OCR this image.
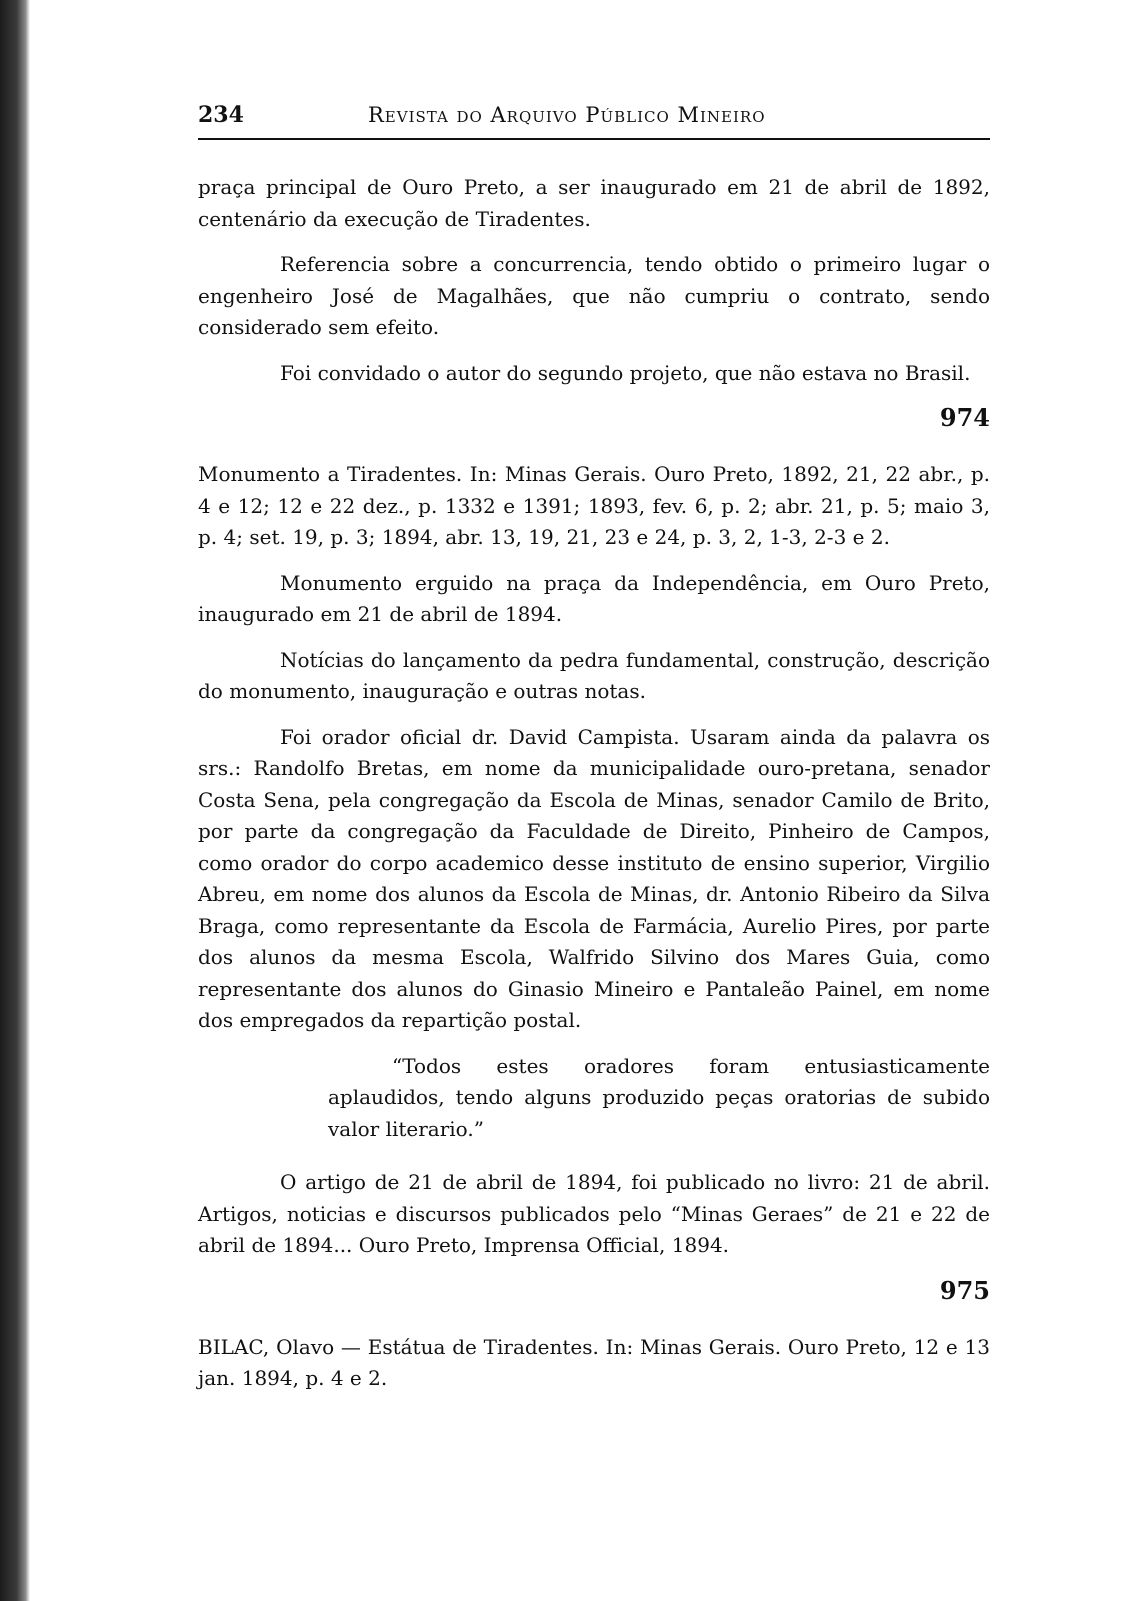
234	Revista do Arquivo Público Mineiro

praça principal de Ouro Preto, a ser inaugurado em 21 de abril de 1892, centenário da execução de Tiradentes.

Referencia sobre a concurrencia, tendo obtido o primeiro lugar o engenheiro José de Magalhães, que não cumpriu o contrato, sendo considerado sem efeito.

Foi convidado o autor do segundo projeto, que não estava no Brasil.

974

Monumento a Tiradentes. In: Minas Gerais. Ouro Preto, 1892, 21, 22 abr., p. 4 e 12; 12 e 22 dez., p. 1332 e 1391; 1893, fev. 6, p. 2; abr. 21, p. 5; maio 3, p. 4; set. 19, p. 3; 1894, abr. 13, 19, 21, 23 e 24, p. 3, 2, 1-3, 2-3 e 2.

Monumento erguido na praça da Independência, em Ouro Preto, inaugurado em 21 de abril de 1894.

Notícias do lançamento da pedra fundamental, construção, descrição do monumento, inauguração e outras notas.

Foi orador oficial dr. David Campista. Usaram ainda da palavra os srs.: Randolfo Bretas, em nome da municipalidade ouro-pretana, senador Costa Sena, pela congregação da Escola de Minas, senador Camilo de Brito, por parte da congregação da Faculdade de Direito, Pinheiro de Campos, como orador do corpo academico desse instituto de ensino superior, Virgilio Abreu, em nome dos alunos da Escola de Minas, dr. Antonio Ribeiro da Silva Braga, como representante da Escola de Farmácia, Aurelio Pires, por parte dos alunos da mesma Escola, Walfrido Silvino dos Mares Guia, como representante dos alunos do Ginasio Mineiro e Pantaleão Painel, em nome dos empregados da repartição postal.

“Todos estes oradores foram entusiasticamente aplaudidos, tendo alguns produzido peças oratorias de subido valor literario.”

O artigo de 21 de abril de 1894, foi publicado no livro: 21 de abril. Artigos, noticias e discursos publicados pelo “Minas Geraes” de 21 e 22 de abril de 1894... Ouro Preto, Imprensa Official, 1894.

975

BILAC, Olavo — Estátua de Tiradentes. In: Minas Gerais. Ouro Preto, 12 e 13 jan. 1894, p. 4 e 2.
